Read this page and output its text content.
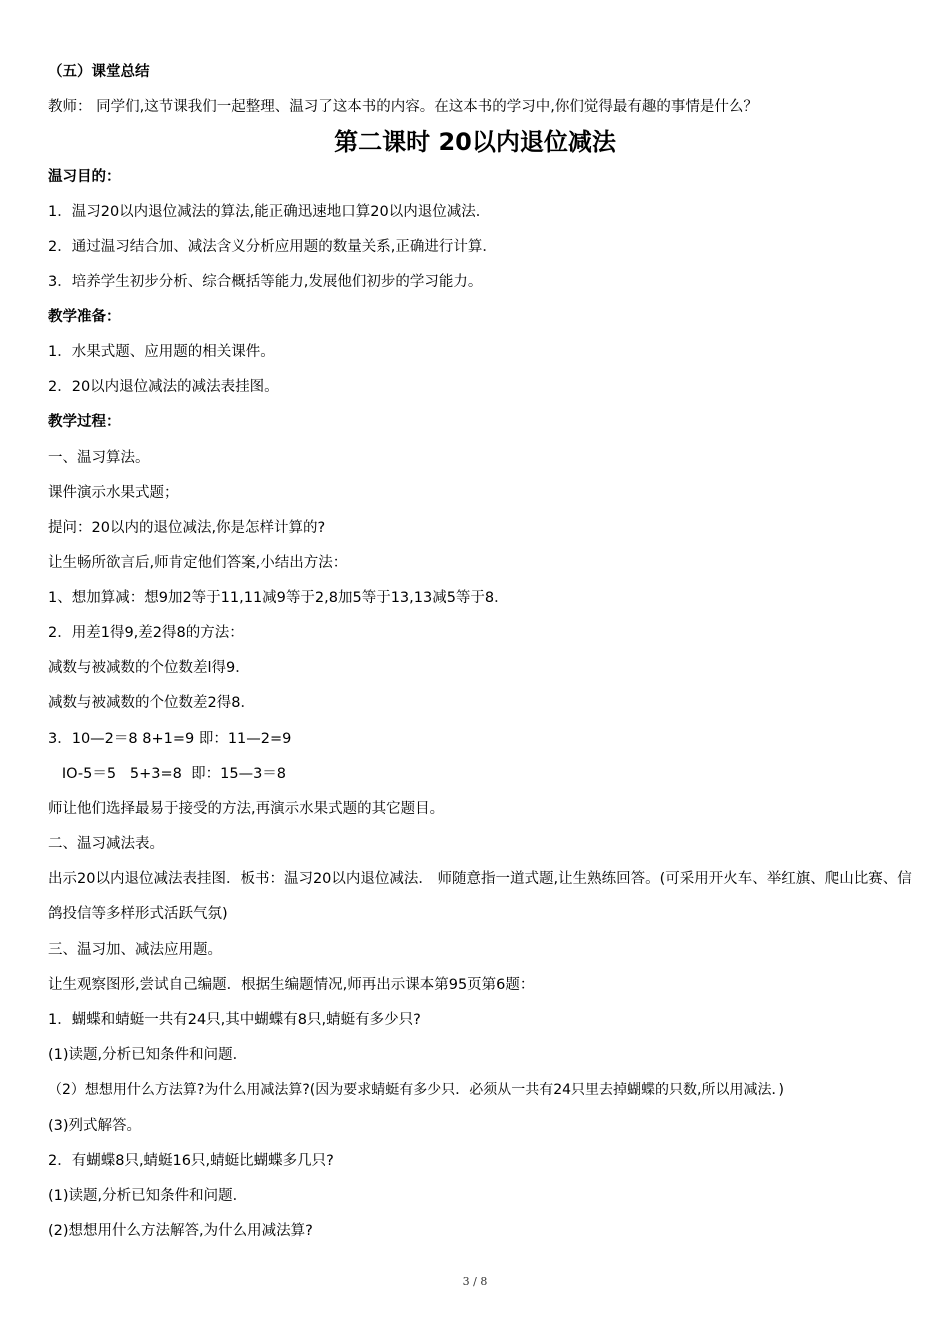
（五）课堂总结
教师： 同学们,这节课我们一起整理、温习了这本书的内容。在这本书的学习中,你们觉得最有趣的事情是什么？
第二课时 20以内退位减法
温习目的：
1．温习20以内退位减法的算法,能正确迅速地口算20以内退位减法．
2．通过温习结合加、减法含义分析应用题的数量关系,正确进行计算．
3．培养学生初步分析、综合概括等能力,发展他们初步的学习能力。
教学准备：
1．水果式题、应用题的相关课件。
2．20以内退位减法的减法表挂图。
教学过程：
一、温习算法。
课件演示水果式题；
提问：20以内的退位减法,你是怎样计算的?
让生畅所欲言后,师肯定他们答案,小结出方法：
1、想加算减：想9加2等于11,11减9等于2,8加5等于13,13减5等于8．
2．用差1得9,差2得8的方法：
减数与被减数的个位数差l得9．
减数与被减数的个位数差2得8．
3．10—2＝8 8+1=9 即：11—2=9
IO-5＝5   5+3=8  即：15—3＝8
师让他们选择最易于接受的方法,再演示水果式题的其它题目。
二、温习减法表。
出示20以内退位减法表挂图．板书：温习20以内退位减法． 师随意指一道式题,让生熟练回答。(可采用开火车、举红旗、爬山比赛、信鸽投信等多样形式活跃气氛)
三、温习加、减法应用题。
让生观察图形,尝试自己编题．根据生编题情况,师再出示课本第95页第6题：
1．蝴蝶和蜻蜓一共有24只,其中蝴蝶有8只,蜻蜓有多少只?
(1)读题,分析已知条件和问题．
（2）想想用什么方法算?为什么用减法算?(因为要求蜻蜓有多少只．必须从一共有24只里去掉蝴蝶的只数,所以用减法．)
(3)列式解答。
2．有蝴蝶8只,蜻蜓16只,蜻蜓比蝴蝶多几只?
(1)读题,分析已知条件和问题．
(2)想想用什么方法解答,为什么用减法算?
3 / 8
